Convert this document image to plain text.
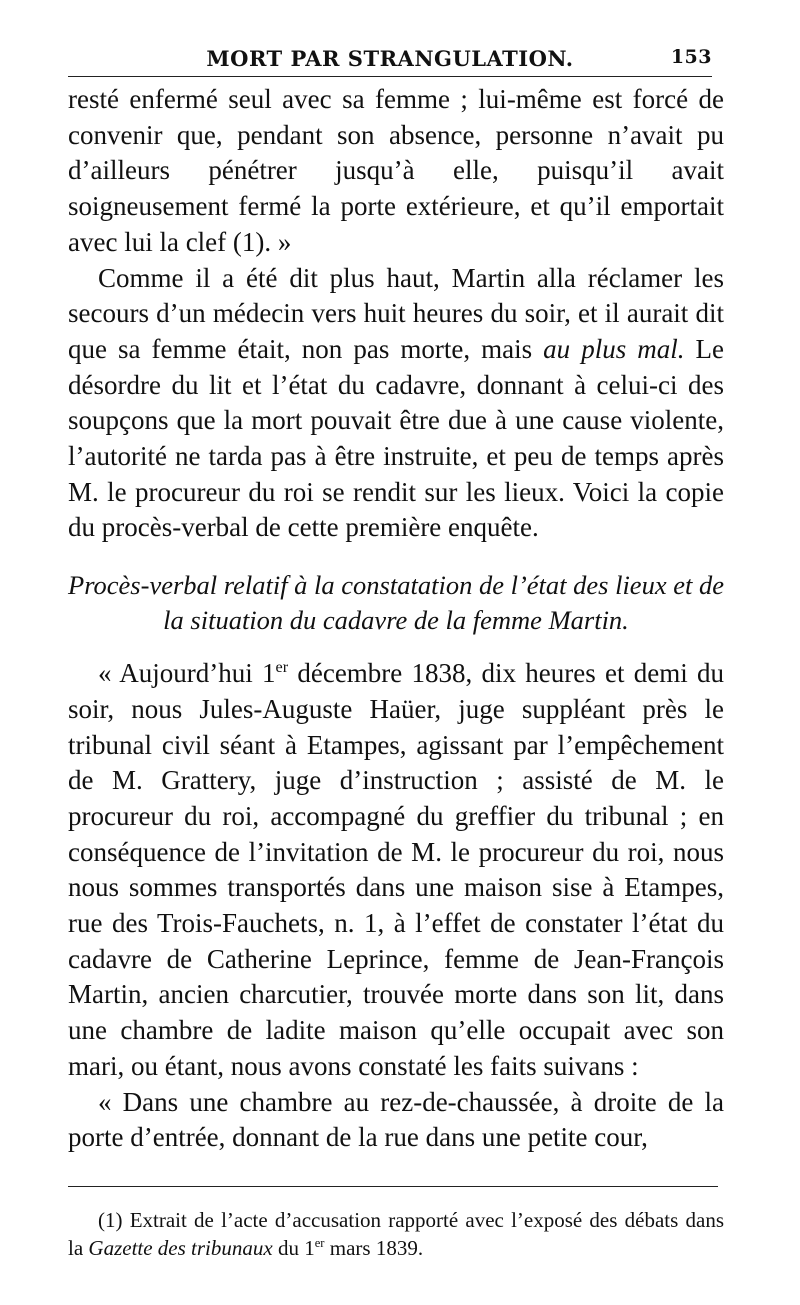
MORT PAR STRANGULATION.	153

resté enfermé seul avec sa femme ; lui-même est forcé de convenir que, pendant son absence, personne n’avait pu d’ailleurs pénétrer jusqu’à elle, puisqu’il avait soigneusement fermé la porte extérieure, et qu’il emportait avec lui la clef (1). »

Comme il a été dit plus haut, Martin alla réclamer les secours d’un médecin vers huit heures du soir, et il aurait dit que sa femme était, non pas morte, mais au plus mal. Le désordre du lit et l’état du cadavre, donnant à celui-ci des soupçons que la mort pouvait être due à une cause violente, l’autorité ne tarda pas à être instruite, et peu de temps après M. le procureur du roi se rendit sur les lieux. Voici la copie du procès-verbal de cette première enquête.

Procès-verbal relatif à la constatation de l’état des lieux et de la situation du cadavre de la femme Martin.

« Aujourd’hui 1er décembre 1838, dix heures et demi du soir, nous Jules-Auguste Haüer, juge suppléant près le tribunal civil séant à Etampes, agissant par l’empêchement de M. Grattery, juge d’instruction ; assisté de M. le procureur du roi, accompagné du greffier du tribunal ; en conséquence de l’invitation de M. le procureur du roi, nous nous sommes transportés dans une maison sise à Etampes, rue des Trois-Fauchets, n. 1, à l’effet de constater l’état du cadavre de Catherine Leprince, femme de Jean-François Martin, ancien charcutier, trouvée morte dans son lit, dans une chambre de ladite maison qu’elle occupait avec son mari, ou étant, nous avons constaté les faits suivans :

« Dans une chambre au rez-de-chaussée, à droite de la porte d’entrée, donnant de la rue dans une petite cour,

(1) Extrait de l’acte d’accusation rapporté avec l’exposé des débats dans la Gazette des tribunaux du 1er mars 1839.
